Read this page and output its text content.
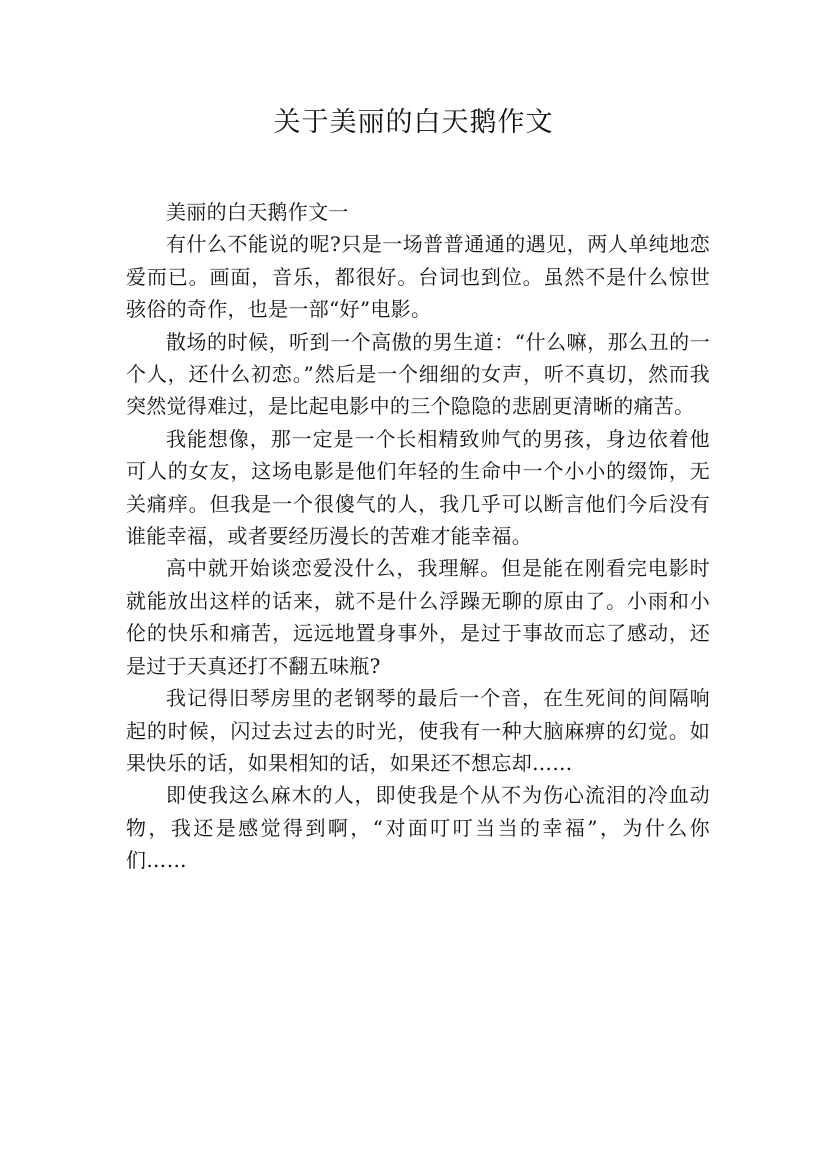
关于美丽的白天鹅作文

美丽的白天鹅作文一

有什么不能说的呢?只是一场普普通通的遇见，两人单纯地恋爱而已。画面，音乐，都很好。台词也到位。虽然不是什么惊世骇俗的奇作，也是一部“好”电影。

散场的时候，听到一个高傲的男生道：“什么嘛，那么丑的一个人，还什么初恋。”然后是一个细细的女声，听不真切，然而我突然觉得难过，是比起电影中的三个隐隐的悲剧更清晰的痛苦。

我能想像，那一定是一个长相精致帅气的男孩，身边依着他可人的女友，这场电影是他们年轻的生命中一个小小的缀饰，无关痛痒。但我是一个很傻气的人，我几乎可以断言他们今后没有谁能幸福，或者要经历漫长的苦难才能幸福。

高中就开始谈恋爱没什么，我理解。但是能在刚看完电影时就能放出这样的话来，就不是什么浮躁无聊的原由了。小雨和小伦的快乐和痛苦，远远地置身事外，是过于事故而忘了感动，还是过于天真还打不翻五味瓶?

我记得旧琴房里的老钢琴的最后一个音，在生死间的间隔响起的时候，闪过去过去的时光，使我有一种大脑麻痹的幻觉。如果快乐的话，如果相知的话，如果还不想忘却……

即使我这么麻木的人，即使我是个从不为伤心流泪的冷血动物，我还是感觉得到啊，“对面叮叮当当的幸福”，为什么你们……
